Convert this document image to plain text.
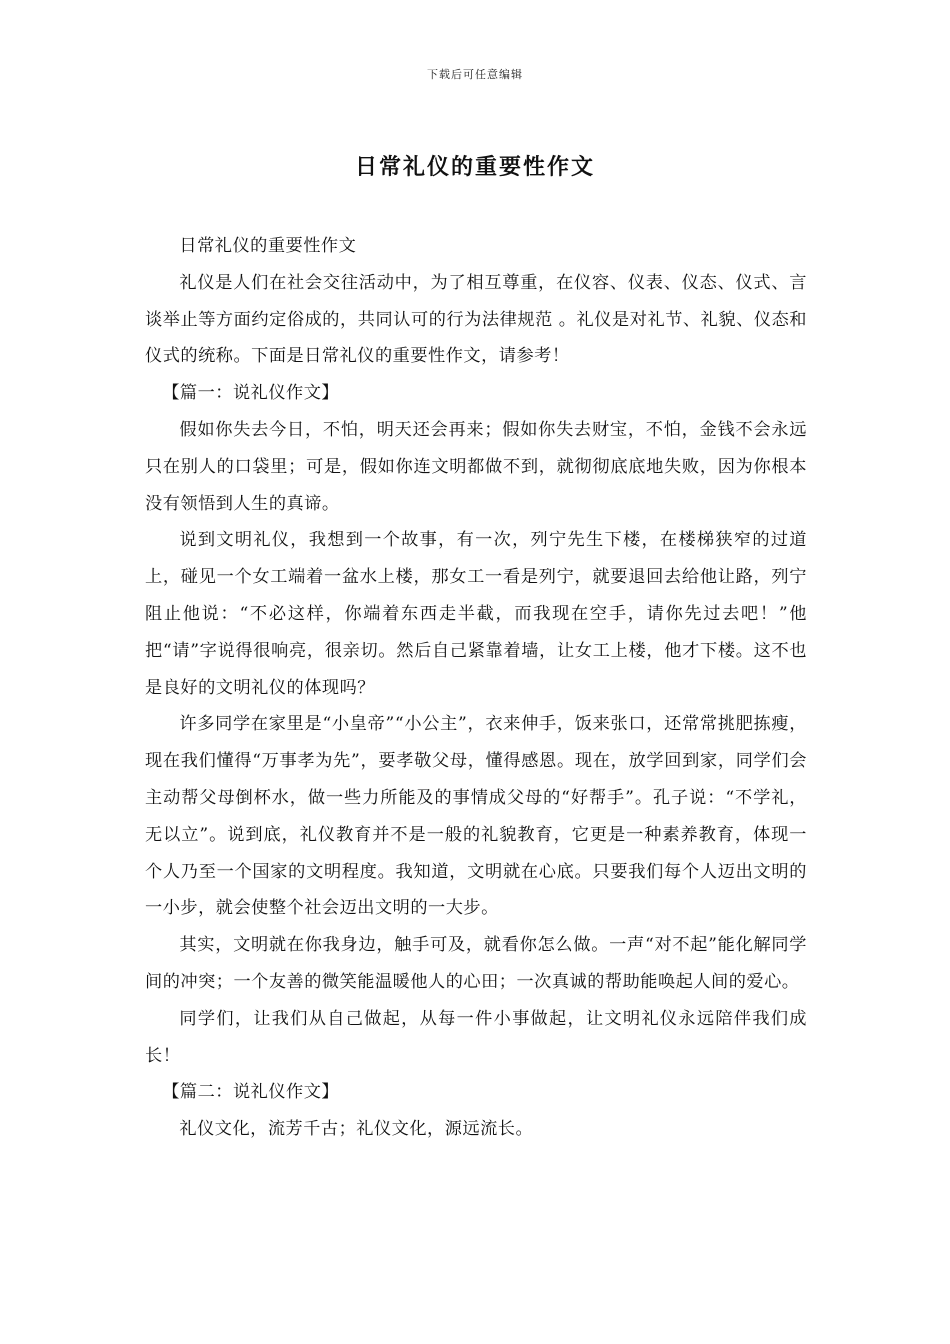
下载后可任意编辑
日常礼仪的重要性作文

日常礼仪的重要性作文

礼仪是人们在社会交往活动中，为了相互尊重，在仪容、仪表、仪态、仪式、言谈举止等方面约定俗成的，共同认可的行为法律规范 。礼仪是对礼节、礼貌、仪态和仪式的统称。下面是日常礼仪的重要性作文，请参考！

【篇一：说礼仪作文】

假如你失去今日，不怕，明天还会再来；假如你失去财宝，不怕，金钱不会永远只在别人的口袋里；可是，假如你连文明都做不到，就彻彻底底地失败，因为你根本没有领悟到人生的真谛。

说到文明礼仪，我想到一个故事，有一次，列宁先生下楼，在楼梯狭窄的过道上，碰见一个女工端着一盆水上楼，那女工一看是列宁，就要退回去给他让路，列宁阻止他说：“不必这样，你端着东西走半截，而我现在空手，请你先过去吧！”他把“请”字说得很响亮，很亲切。然后自己紧靠着墙，让女工上楼，他才下楼。这不也是良好的文明礼仪的体现吗？

许多同学在家里是“小皇帝”“小公主”，衣来伸手，饭来张口，还常常挑肥拣瘦，现在我们懂得“万事孝为先”，要孝敬父母，懂得感恩。现在，放学回到家，同学们会主动帮父母倒杯水，做一些力所能及的事情成父母的“好帮手”。孔子说：“不学礼，无以立”。说到底，礼仪教育并不是一般的礼貌教育，它更是一种素养教育，体现一个人乃至一个国家的文明程度。我知道，文明就在心底。只要我们每个人迈出文明的一小步，就会使整个社会迈出文明的一大步。

其实，文明就在你我身边，触手可及，就看你怎么做。一声“对不起”能化解同学间的冲突；一个友善的微笑能温暖他人的心田；一次真诚的帮助能唤起人间的爱心。

同学们，让我们从自己做起，从每一件小事做起，让文明礼仪永远陪伴我们成长！

【篇二：说礼仪作文】

礼仪文化，流芳千古；礼仪文化，源远流长。
